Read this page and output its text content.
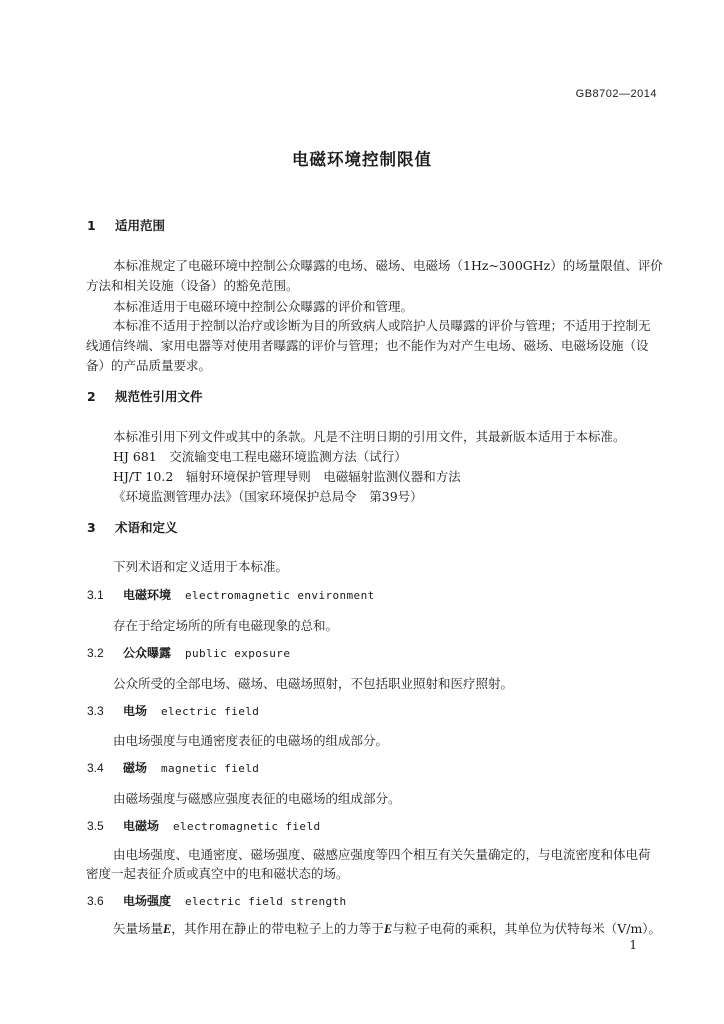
GB8702—2014
电磁环境控制限值
1 适用范围
本标准规定了电磁环境中控制公众曝露的电场、磁场、电磁场（1Hz~300GHz）的场量限值、评价
方法和相关设施（设备）的豁免范围。
本标准适用于电磁环境中控制公众曝露的评价和管理。
本标准不适用于控制以治疗或诊断为目的所致病人或陪护人员曝露的评价与管理；不适用于控制无
线通信终端、家用电器等对使用者曝露的评价与管理；也不能作为对产生电场、磁场、电磁场设施（设
备）的产品质量要求。
2 规范性引用文件
本标准引用下列文件或其中的条款。凡是不注明日期的引用文件，其最新版本适用于本标准。
HJ 681　交流输变电工程电磁环境监测方法（试行）
HJ/T 10.2　辐射环境保护管理导则　电磁辐射监测仪器和方法
《环境监测管理办法》（国家环境保护总局令　第39号）
3 术语和定义
下列术语和定义适用于本标准。
3.1 电磁环境 electromagnetic environment
存在于给定场所的所有电磁现象的总和。
3.2 公众曝露 public exposure
公众所受的全部电场、磁场、电磁场照射，不包括职业照射和医疗照射。
3.3 电场 electric field
由电场强度与电通密度表征的电磁场的组成部分。
3.4 磁场 magnetic field
由磁场强度与磁感应强度表征的电磁场的组成部分。
3.5 电磁场 electromagnetic field
由电场强度、电通密度、磁场强度、磁感应强度等四个相互有关矢量确定的，与电流密度和体电荷
密度一起表征介质或真空中的电和磁状态的场。
3.6 电场强度 electric field strength
矢量场量E，其作用在静止的带电粒子上的力等于E与粒子电荷的乘积，其单位为伏特每米（V/m）。
1
